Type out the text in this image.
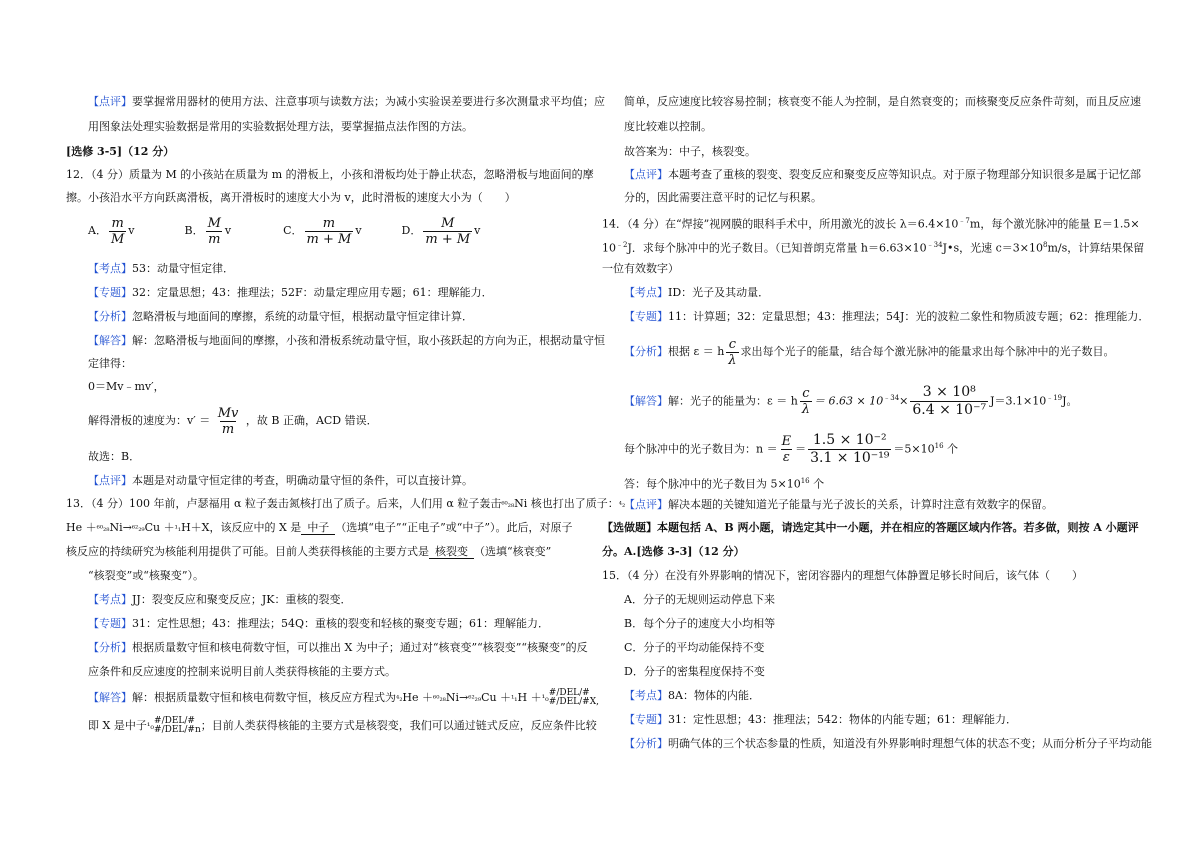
【点评】要掌握常用器材的使用方法、注意事项与读数方法；为减小实验误差要进行多次测量求平均值；应
用图象法处理实验数据是常用的实验数据处理方法，要掌握描点法作图的方法。
[选修 3-5]（12 分）
12．（4 分）质量为 M 的小孩站在质量为 m 的滑板上，小孩和滑板均处于静止状态，忽略滑板与地面间的摩
擦。小孩沿水平方向跃离滑板，离开滑板时的速度大小为 v，此时滑板的速度大小为（　　）
A． $\frac{m}{M}$ v	B． $\frac{M}{m}$ v	C． $\frac{m}{m + M}$ v	D． $\frac{M}{m + M}$ v
【考点】53：动量守恒定律．
【专题】32：定量思想；43：推理法；52F：动量定理应用专题；61：理解能力．
【分析】忽略滑板与地面间的摩擦，系统的动量守恒，根据动量守恒定律计算．
【解答】解：忽略滑板与地面间的摩擦，小孩和滑板系统动量守恒，取小孩跃起的方向为正，根据动量守恒
定律得：
0＝Mv﹣mv′，
解得滑板的速度为：$v' = \frac{Mv}{m}$ ，故 B 正确，ACD 错误．
故选：B．
【点评】本题是对动量守恒定律的考查，明确动量守恒的条件，可以直接计算。
13．（4 分）100 年前，卢瑟福用 α 粒子轰击氮核打出了质子。后来，人们用 α 粒子轰击⁶⁰₂₈Ni 核也打出了质子：⁴₂
He ＋⁶⁰₂₈Ni→⁶²₂₉Cu ＋¹₁H＋X，该反应中的 X 是 中子 （选填“电子”“正电子”或“中子”）。此后，对原子
核反应的持续研究为核能利用提供了可能。目前人类获得核能的主要方式是 核裂变 （选填“核衰变”
“核裂变”或“核聚变”）。
【考点】JJ：裂变反应和聚变反应；JK：重核的裂变．
【专题】31：定性思想；43：推理法；54Q：重核的裂变和轻核的聚变专题；61：理解能力．
【分析】根据质量数守恒和核电荷数守恒，可以推出 X 为中子；通过对“核衰变”“核裂变”“核聚变”的反
应条件和反应速度的控制来说明目前人类获得核能的主要方式。
【解答】解：根据质量数守恒和核电荷数守恒，核反应方程式为⁴₂He ＋⁶⁰₂₈Ni→⁶²₂₉Cu ＋¹₁H ＋¹₀
#/DEL/#
#/DEL/#X,
即 X 是中子¹₀
#/DEL/#
#/DEL/#n ；目前人类获得核能的主要方式是核裂变，我们可以通过链式反应，反应条件比较
简单，反应速度比较容易控制；核衰变不能人为控制，是自然衰变的；而核聚变反应条件苛刻，而且反应速
度比较难以控制。
故答案为：中子，核裂变。
【点评】本题考查了重核的裂变、裂变反应和聚变反应等知识点。对于原子物理部分知识很多是属于记忆部
分的，因此需要注意平时的记忆与积累。
14．（4 分）在“焊接”视网膜的眼科手术中，所用激光的波长 $\lambda=6.4\times 10^{﹣7}m$，每个激光脉冲的能量 E＝1.5×
$10^{﹣2}J$．求每个脉冲中的光子数目。（已知普朗克常量 $h=6.63\times 10^{﹣34}J•s$，光速 $c=3\times 10^8m/s$，计算结果保留
一位有效数字）
【考点】ID：光子及其动量．
【专题】11：计算题；32：定量思想；43：推理法；54J：光的波粒二象性和物质波专题；62：推理能力．
【分析】根据 ε ＝ h $\frac{c}{\lambda}$ 求出每个光子的能量，结合每个激光脉冲的能量求出每个脉冲中的光子数目。
【解答】解：光子的能量为：ε ＝ h $\frac{c}{\lambda} = 6.63 \times 10^{﹣34}\times \frac{\text{3 × 10⁸}}{\text{6.4 × 10⁻⁷}} J=3.1\times 10^{﹣19}J$。
每个脉冲中的光子数目为：$n = \frac{E}{\varepsilon} = \frac{\text{1.5 × 10⁻²}}{\text{3.1 × 10⁻¹⁹}} =5\times 10^{16}$ 个
答：每个脉冲中的光子数目为 $5\times 10^{16}$ 个
【点评】解决本题的关键知道光子能量与光子波长的关系，计算时注意有效数字的保留。
【选做题】本题包括 A、B 两小题，请选定其中一小题，并在相应的答题区域内作答。若多做，则按 A 小题评
分。A.[选修 3-3]（12 分）
15．（4 分）在没有外界影响的情况下，密闭容器内的理想气体静置足够长时间后，该气体（　　）
A．分子的无规则运动停息下来
B．每个分子的速度大小均相等
C．分子的平均动能保持不变
D．分子的密集程度保持不变
【考点】8A：物体的内能．
【专题】31：定性思想；43：推理法；542：物体的内能专题；61：理解能力．
【分析】明确气体的三个状态参量的性质，知道没有外界影响时理想气体的状态不变；从而分析分子平均动能
